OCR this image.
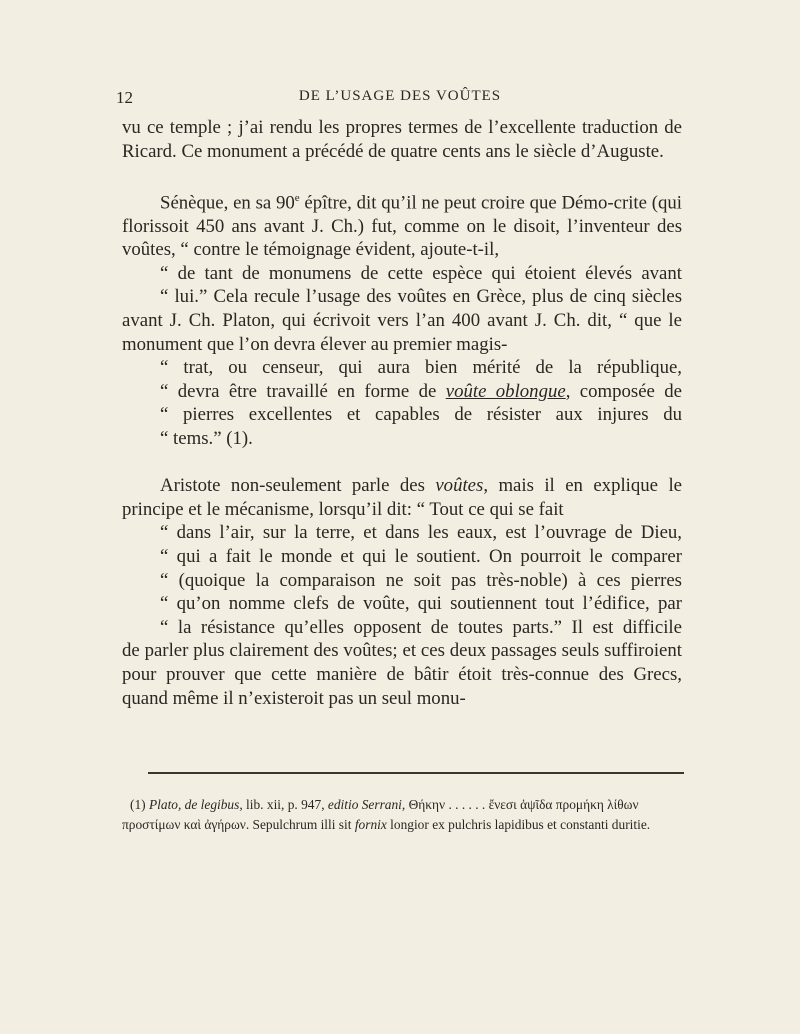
12	DE L’USAGE DES VOÛTES

vu ce temple ; j’ai rendu les propres termes de l’excellente traduction de Ricard. Ce monument a précédé de quatre cents ans le siècle d’Auguste.

Sénèque, en sa 90e épître, dit qu’il ne peut croire que Démo-crite (qui florissoit 450 ans avant J. Ch.) fut, comme on le disoit, l’inventeur des voûtes, “ contre le témoignage évident, ajoute-t-il,
“ de tant de monumens de cette espèce qui étoient élevés avant
“ lui.” Cela recule l’usage des voûtes en Grèce, plus de cinq siècles
avant J. Ch. Platon, qui écrivoit vers l’an 400 avant J. Ch. dit, “ que le monument que l’on devra élever au premier magis-
“ trat, ou censeur, qui aura bien mérité de la république,
“ devra être travaillé en forme de voûte oblongue, composée de
“ pierres excellentes et capables de résister aux injures du
“ tems.” (1).

Aristote non-seulement parle des voûtes, mais il en explique le principe et le mécanisme, lorsqu’il dit: “ Tout ce qui se fait
“ dans l’air, sur la terre, et dans les eaux, est l’ouvrage de Dieu,
“ qui a fait le monde et qui le soutient. On pourroit le comparer
“ (quoique la comparaison ne soit pas très-noble) à ces pierres
“ qu’on nomme clefs de voûte, qui soutiennent tout l’édifice, par
“ la résistance qu’elles opposent de toutes parts.” Il est difficile
de parler plus clairement des voûtes; et ces deux passages seuls suffiroient pour prouver que cette manière de bâtir étoit très-connue des Grecs, quand même il n’existeroit pas un seul monu-

(1) Plato, de legibus, lib. xii, p. 947, editio Serrani, Θήκην . . . . . . ἔνεσι ἁψῖδα προμήκη λίθων
πρoστίμων καὶ ἀγήρων. Sepulchrum illi sit fornix longior ex pulchris lapidibus et constanti duritie.
